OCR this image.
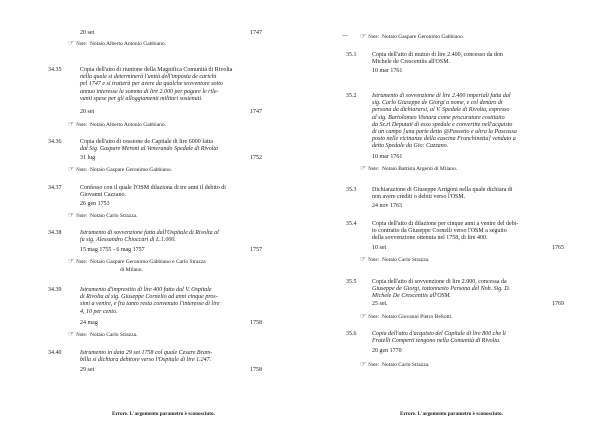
20 set	1747
☞ Note: Notaio Alberto Antonio Gabbiano.
34.35	Copia dell'atto di riunione della Magnifica Comunità di Rivolta
nella quale si determinerà l'unità dell'imposta de carichi
pel 1747 e si tratterà per avere da qualche sovventore sotto
annuo interesse la somma di lire 2.000 per pagare le rile-
vanti spese per gli alloggiamenti militari sostenuti.
20 set	1747
☞ Note: Notaio Alberto Antonio Gabbiano.
34.36	Copia dell'atto di cessione de Capitale di lire 6000 fatta
dal Sig. Gaspare Meroni al Venerando Spedale di Rivolta
31 lug	1752
☞ Note: Notaio Gaspare Geronimo Gabbiano.
34.37	Confesso con il quale l'OSM dilaziona di tre anni il debito di
Giovanni Cazzano.
26 gen 1753
☞ Note: Notaio Carlo Strazza.
34.38	Istrumento di sovvenzione fatta dall'Ospitale di Rivolta al
fu sig. Alessandro Chioccari di L.1.000.
15 mag 1755 - 6 mag 1757	1757
☞ Note: Notaio Gaspare Geronimo Gabbiano e Carlo Strazza
di Milano.
34.39	Istrumento d'imprestito di lire 400 fatto dal V. Ospitale
di Rivolta al sig. Giuseppe Cornelio ad anni cinque pros-
simi a venire, e fra tanto resta convenuto l'interesse di lire
4, 10 per cento.
24 mag	1758
☞ Note: Notaio Carlo Strazza.
34.40	Istrumento in data 29 set 1758 col quale Cesare Bram-
billa si dichiara debitore verso l'Ospitale di lire 1.247.
29 set	1758
Errore. L'argomento parametro è sconosciuto.
— ☞ Note: Notaio Gaspare Geronimo Gabbiano.
35.1	Copia dell'atto di mutuo di lire 2.400, concesso da don
Michele de Crescentiis all'OSM.
10 mar 1761
35.2	Istrumento di sovvenzione di lire 2.400 imperiali fatta dal
sig. Carlo Giuseppe de Giorgi a nome, e col denaro di
persona da dichiararsi, al V. Spedale di Rivolta, espresso
al sig. Bartolomeo Visnara come procuratore costituito
da Sz.ri Deputati di esso spedale e convertite nell'acquisto
di un campo [una parte detto @Passetto e altra la Pascassa
posto nelle vicinanze della cascina Franchinetta] venduto a
detto Spedale da Gio: Cazzano.
10 mar 1761
☞ Note: Notaio Battista Argenti di Milano.
35.3	Dichiarazione di Giuseppe Arrigoni nella quale dichiara di
non avere crediti o debiti verso l'OSM.
24 nov 1763
35.4	Copia dell'atto di dilazione per cinque anni a venire del debi-
to contratto da Giuseppe Cornelli verso l'OSM a seguito
della sovvenzione ottenuta nel 1758, di lire 400.
10 set	1765
☞ Note: Notaio Carlo Strazza.
35.5	Copia dell'atto di sovvenzione di lire 2.000, concessa da
Giuseppe de Giorgi, tottonnesto Persona del Nob. Sig. D.
Michele De Crescentiis all'OSM.
25 set.	1769
☞ Note: Notaio Giovanni Pietro Bellotti.
35.6	Copia dell'atto d'acquisto del Capitale di lire 800 che li
Fratelli Comperti tengono nella Comunità di Rivolta.
20 gen 1770
☞ Note: Notaio Carlo Strazza.
Errore. L'argomento parametro è sconosciuto.
